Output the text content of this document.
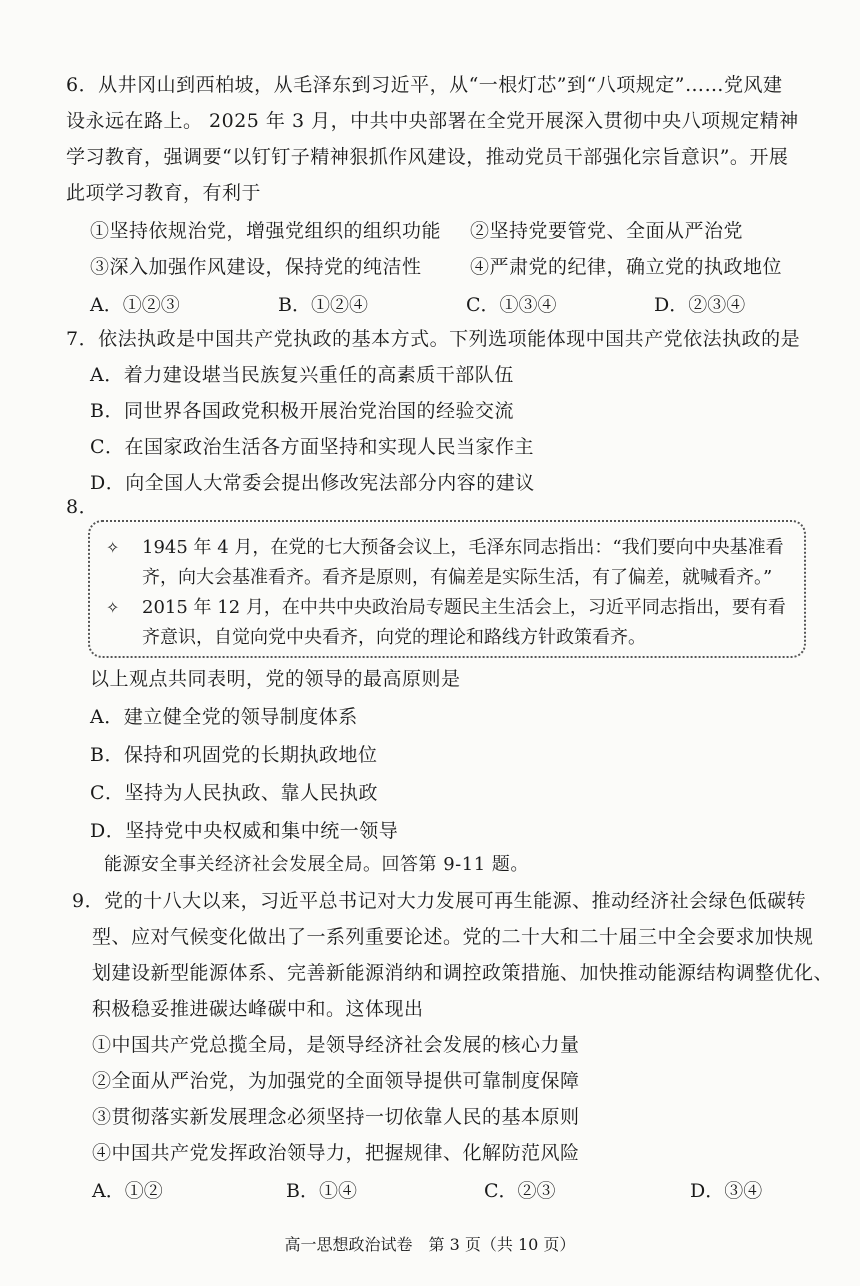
6．从井冈山到西柏坡，从毛泽东到习近平，从“一根灯芯”到“八项规定”……党风建
设永远在路上。 2025 年 3 月，中共中央部署在全党开展深入贯彻中央八项规定精神
学习教育，强调要“以钉钉子精神狠抓作风建设，推动党员干部强化宗旨意识”。开展
此项学习教育，有利于
①坚持依规治党，增强党组织的组织功能 ②坚持党要管党、全面从严治党
③深入加强作风建设，保持党的纯洁性	④严肃党的纪律，确立党的执政地位
A．①②③	B．①②④	C．①③④	D．②③④
7．依法执政是中国共产党执政的基本方式。下列选项能体现中国共产党依法执政的是
A．着力建设堪当民族复兴重任的高素质干部队伍
B．同世界各国政党积极开展治党治国的经验交流
C．在国家政治生活各方面坚持和实现人民当家作主
D．向全国人大常委会提出修改宪法部分内容的建议
8．
✧ 1945 年 4 月，在党的七大预备会议上，毛泽东同志指出：“我们要向中央基准看
齐，向大会基准看齐。看齐是原则，有偏差是实际生活，有了偏差，就喊看齐。”
✧ 2015 年 12 月，在中共中央政治局专题民主生活会上，习近平同志指出，要有看
齐意识，自觉向党中央看齐，向党的理论和路线方针政策看齐。
以上观点共同表明，党的领导的最高原则是
A．建立健全党的领导制度体系
B．保持和巩固党的长期执政地位
C．坚持为人民执政、靠人民执政
D．坚持党中央权威和集中统一领导
能源安全事关经济社会发展全局。回答第 9-11 题。
9．党的十八大以来，习近平总书记对大力发展可再生能源、推动经济社会绿色低碳转
型、应对气候变化做出了一系列重要论述。党的二十大和二十届三中全会要求加快规
划建设新型能源体系、完善新能源消纳和调控政策措施、加快推动能源结构调整优化、
积极稳妥推进碳达峰碳中和。这体现出
①中国共产党总揽全局，是领导经济社会发展的核心力量
②全面从严治党，为加强党的全面领导提供可靠制度保障
③贯彻落实新发展理念必须坚持一切依靠人民的基本原则
④中国共产党发挥政治领导力，把握规律、化解防范风险
A．①②	B．①④	C．②③	D．③④
高一思想政治试卷　第 3 页（共 10 页）
